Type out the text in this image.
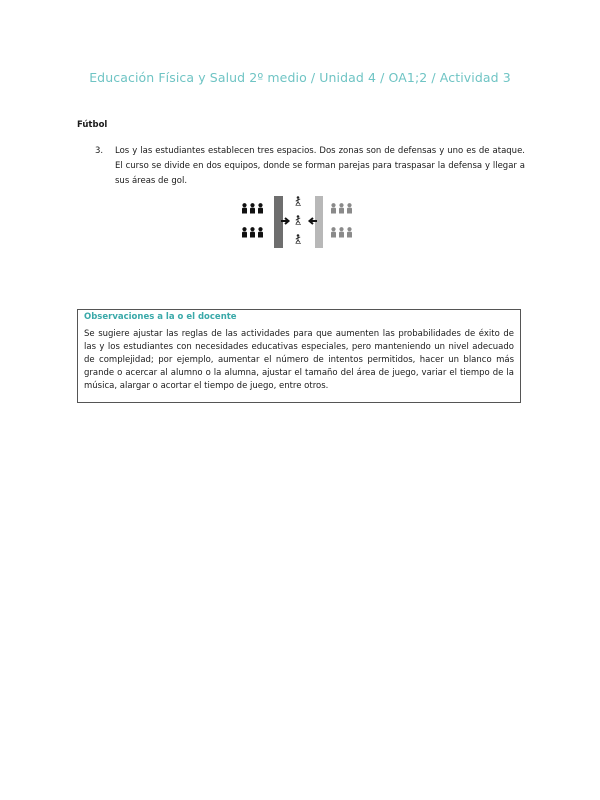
Educación Física y Salud 2º medio / Unidad 4 / OA1;2 / Actividad 3
Fútbol
3. Los y las estudiantes establecen tres espacios. Dos zonas son de defensas y uno es de ataque. El curso se divide en dos equipos, donde se forman parejas para traspasar la defensa y llegar a sus áreas de gol.
Observaciones a la o el docente

Se sugiere ajustar las reglas de las actividades para que aumenten las probabilidades de éxito de las y los estudiantes con necesidades educativas especiales, pero manteniendo un nivel adecuado de complejidad; por ejemplo, aumentar el número de intentos permitidos, hacer un blanco más grande o acercar al alumno o la alumna, ajustar el tamaño del área de juego, variar el tiempo de la música, alargar o acortar el tiempo de juego, entre otros.
